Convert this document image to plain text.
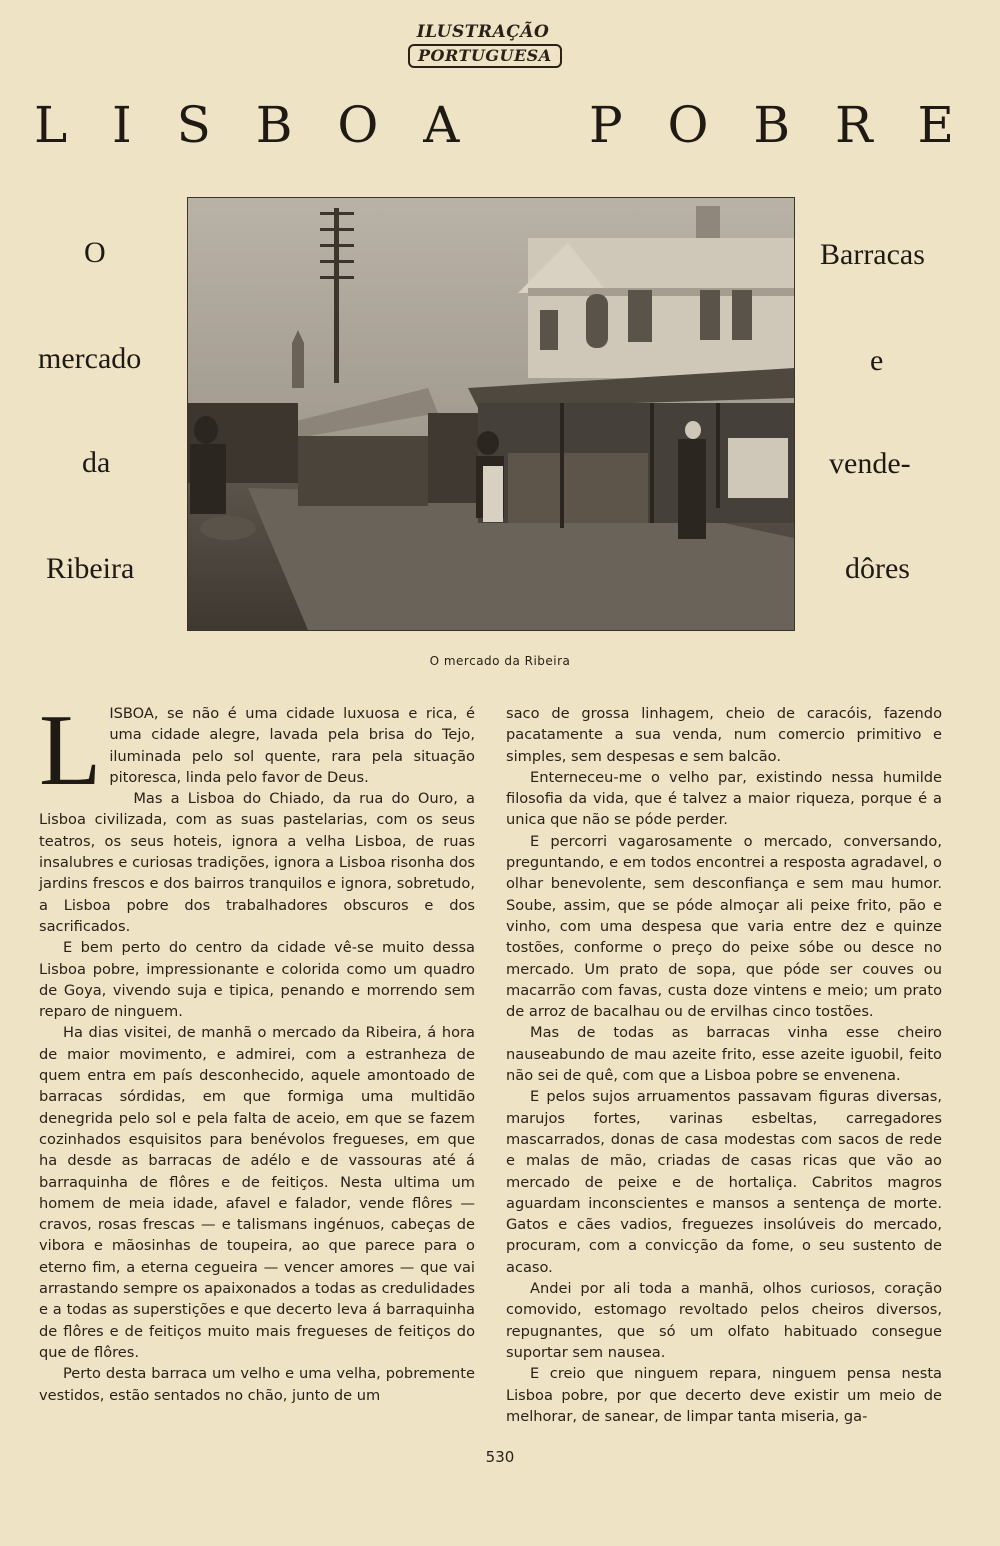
ILUSTRAÇÃO
PORTUGUESA
L I S B O A	P O B R E
O
mercado
da
Ribeira
Barracas
e
vende-
dôres
O mercado da Ribeira
L ISBOA, se não é uma cidade luxuosa e rica, é uma cidade alegre, lavada pela brisa do Tejo, iluminada pelo sol quente, rara pela situação pitoresca, linda pelo favor de Deus.

Mas a Lisboa do Chiado, da rua do Ouro, a Lisboa civilizada, com as suas pastelarias, com os seus teatros, os seus hoteis, ignora a velha Lisboa, de ruas insalubres e curiosas tradições, ignora a Lisboa risonha dos jardins frescos e dos bairros tranquilos e ignora, sobretudo, a Lisboa pobre dos trabalhadores obscuros e dos sacrificados.

E bem perto do centro da cidade vê-se muito dessa Lisboa pobre, impressionante e colorida como um quadro de Goya, vivendo suja e tipica, penando e morrendo sem reparo de ninguem.

Ha dias visitei, de manhã o mercado da Ribeira, á hora de maior movimento, e admirei, com a estranheza de quem entra em país desconhecido, aquele amontoado de barracas sórdidas, em que formiga uma multidão denegrida pelo sol e pela falta de aceio, em que se fazem cozinhados esquisitos para benévolos fregueses, em que ha desde as barracas de adélo e de vassouras até á barraquinha de flôres e de feitiços. Nesta ultima um homem de meia idade, afavel e falador, vende flôres — cravos, rosas frescas — e talismans ingénuos, cabeças de vibora e mãosinhas de toupeira, ao que parece para o eterno fim, a eterna cegueira — vencer amores — que vai arrastando sempre os apaixonados a todas as credulidades e a todas as superstições e que decerto leva á barraquinha de flôres e de feitiços muito mais fregueses de feitiços do que de flôres.

Perto desta barraca um velho e uma velha, pobremente vestidos, estão sentados no chão, junto de um

saco de grossa linhagem, cheio de caracóis, fazendo pacatamente a sua venda, num comercio primitivo e simples, sem despesas e sem balcão.

Enterneceu-me o velho par, existindo nessa humilde filosofia da vida, que é talvez a maior riqueza, porque é a unica que não se póde perder.

E percorri vagarosamente o mercado, conversando, preguntando, e em todos encontrei a resposta agradavel, o olhar benevolente, sem desconfiança e sem mau humor. Soube, assim, que se póde almoçar ali peixe frito, pão e vinho, com uma despesa que varia entre dez e quinze tostões, conforme o preço do peixe sóbe ou desce no mercado. Um prato de sopa, que póde ser couves ou macarrão com favas, custa doze vintens e meio; um prato de arroz de bacalhau ou de ervilhas cinco tostões.

Mas de todas as barracas vinha esse cheiro nauseabundo de mau azeite frito, esse azeite iguobil, feito não sei de quê, com que a Lisboa pobre se envenena.

E pelos sujos arruamentos passavam figuras diversas, marujos fortes, varinas esbeltas, carregadores mascarrados, donas de casa modestas com sacos de rede e malas de mão, criadas de casas ricas que vão ao mercado de peixe e de hortaliça. Cabritos magros aguardam inconscientes e mansos a sentença de morte. Gatos e cães vadios, freguezes insolúveis do mercado, procuram, com a convicção da fome, o seu sustento de acaso.

Andei por ali toda a manhã, olhos curiosos, coração comovido, estomago revoltado pelos cheiros diversos, repugnantes, que só um olfato habituado consegue suportar sem nausea.

E creio que ninguem repara, ninguem pensa nesta Lisboa pobre, por que decerto deve existir um meio de melhorar, de sanear, de limpar tanta miseria, ga-

530
